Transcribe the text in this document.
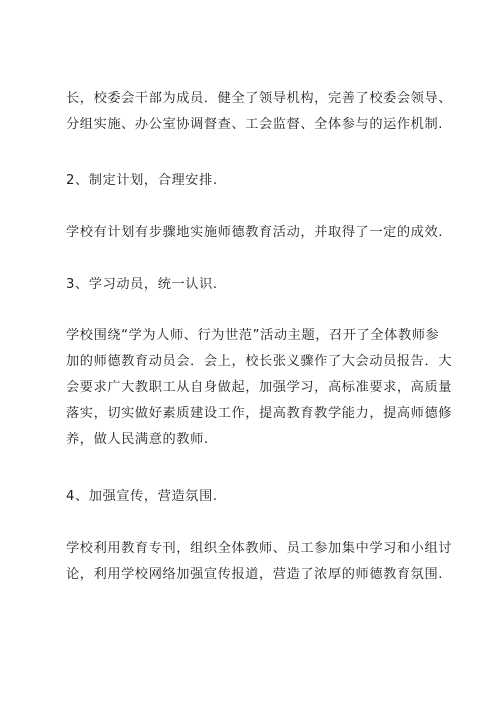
长，校委会干部为成员．健全了领导机构，完善了校委会领导、
分组实施、办公室协调督查、工会监督、全体参与的运作机制.
2、制定计划，合理安排.
学校有计划有步骤地实施师德教育活动，并取得了一定的成效.
3、学习动员，统一认识.
学校围绕“学为人师、行为世范”活动主题，召开了全体教师参
加的师德教育动员会．会上，校长张义骤作了大会动员报告．大
会要求广大教职工从自身做起，加强学习，高标准要求，高质量
落实，切实做好素质建设工作，提高教育教学能力，提高师德修
养，做人民满意的教师.
4、加强宣传，营造氛围.
学校利用教育专刊，组织全体教师、员工参加集中学习和小组讨
论，利用学校网络加强宣传报道，营造了浓厚的师德教育氛围.
